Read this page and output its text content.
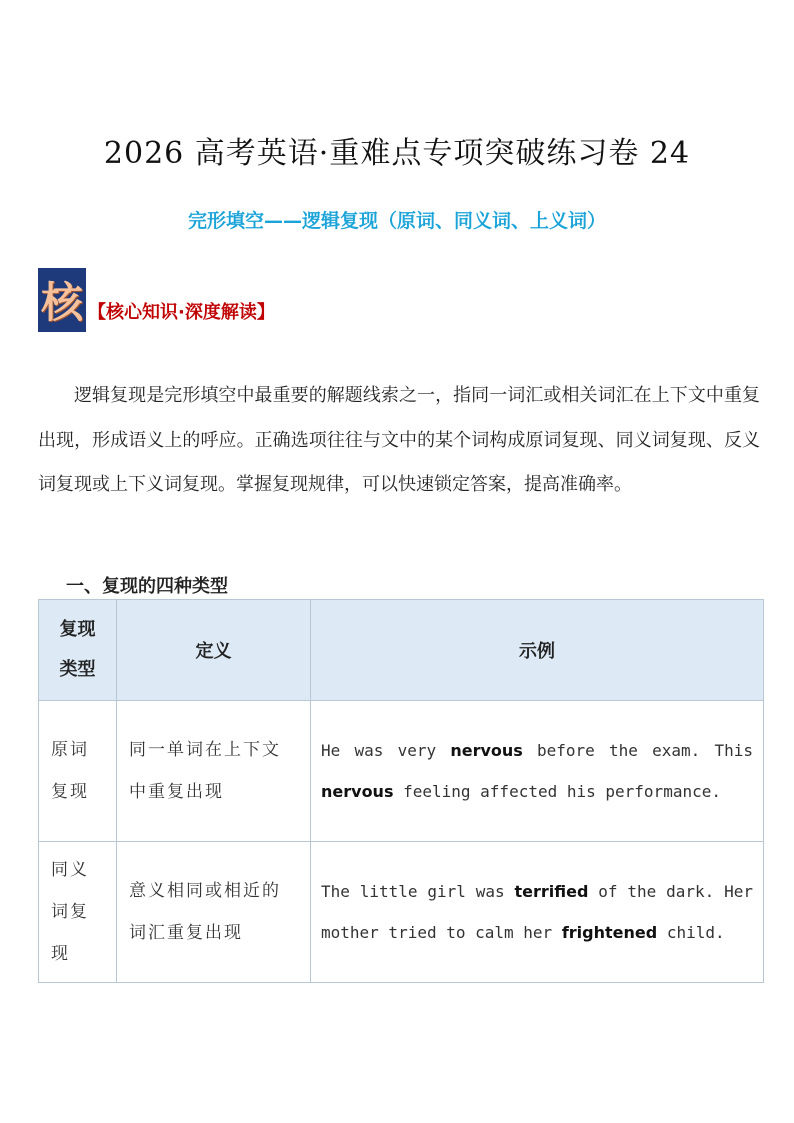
2026 高考英语·重难点专项突破练习卷 24
完形填空——逻辑复现（原词、同义词、上义词）
核 【核心知识·深度解读】
逻辑复现是完形填空中最重要的解题线索之一，指同一词汇或相关词汇在上下文中重复出现，形成语义上的呼应。正确选项往往与文中的某个词构成原词复现、同义词复现、反义词复现或上下义词复现。掌握复现规律，可以快速锁定答案，提高准确率。
一、复现的四种类型
复现类型	定义	示例
原词复现	同一单词在上下文中重复出现	He was very nervous before the exam. This nervous feeling affected his performance.
同义词复现	意义相同或相近的词汇重复出现	The little girl was terrified of the dark. Her mother tried to calm her frightened child.
